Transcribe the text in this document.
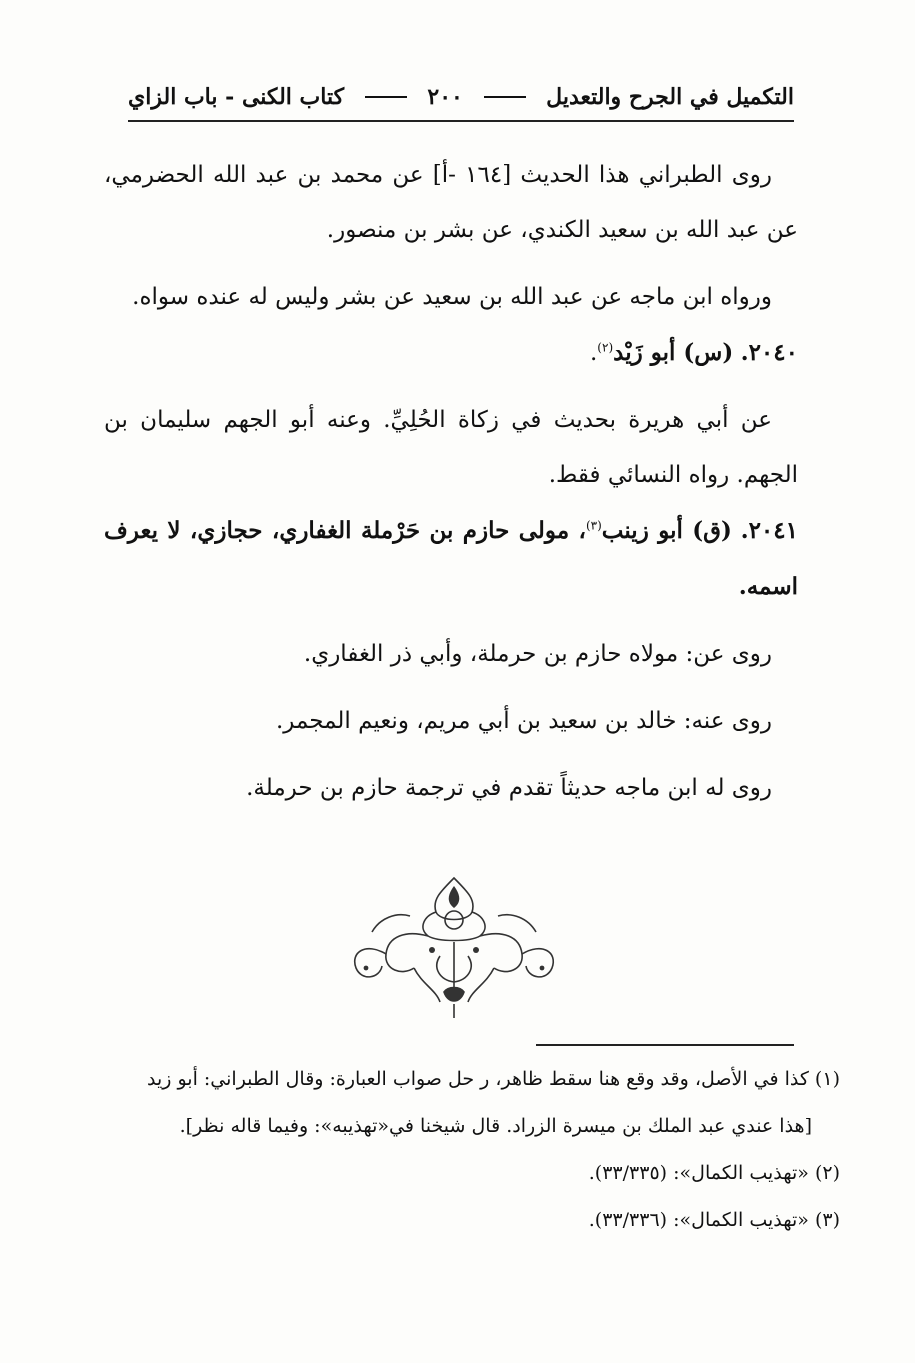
التكميل في الجرح والتعديل
٢٠٠
كتاب الكنى - باب الزاي

روى الطبراني هذا الحديث [١٦٤ -أ] عن محمد بن عبد الله الحضرمي، عن عبد الله بن سعيد الكندي، عن بشر بن منصور.

ورواه ابن ماجه عن عبد الله بن سعيد عن بشر وليس له عنده سواه.

٢٠٤٠. (س) أبو زَيْد$^{(٢)}$.

عن أبي هريرة بحديث في زكاة الحُلِيِّ. وعنه أبو الجهم سليمان بن الجهم. رواه النسائي فقط.

٢٠٤١. (ق) أبو زينب$^{(٣)}$، مولى حازم بن حَرْملة الغفاري، حجازي، لا يعرف اسمه.

روى عن: مولاه حازم بن حرملة، وأبي ذر الغفاري.

روى عنه: خالد بن سعيد بن أبي مريم، ونعيم المجمر.

روى له ابن ماجه حديثاً تقدم في ترجمة حازم بن حرملة.

(١) كذا في الأصل، وقد وقع هنا سقط ظاهر، ر حل صواب العبارة: وقال الطبراني: أبو زيد

[هذا عندي عبد الملك بن ميسرة الزراد. قال شيخنا في«تهذيبه»: وفيما قاله نظر].

(٢) «تهذيب الكمال»: (٣٣/٣٣٥).

(٣) «تهذيب الكمال»: (٣٣/٣٣٦).
